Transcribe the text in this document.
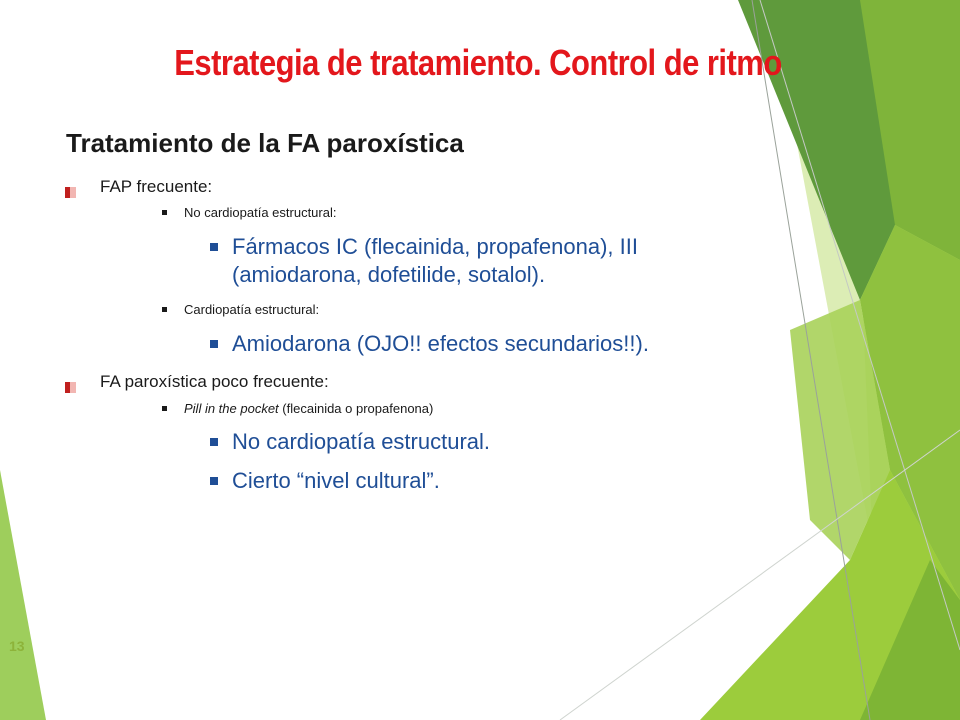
Estrategia de tratamiento. Control de ritmo
Tratamiento de la FA paroxística
FAP frecuente:
No cardiopatía estructural:
Fármacos IC (flecainida, propafenona), III
(amiodarona, dofetilide, sotalol).
Cardiopatía estructural:
Amiodarona (OJO!! efectos secundarios!!).
FA paroxística poco frecuente:
Pill in the pocket (flecainida o propafenona)
No cardiopatía estructural.
Cierto “nivel cultural”.
13
